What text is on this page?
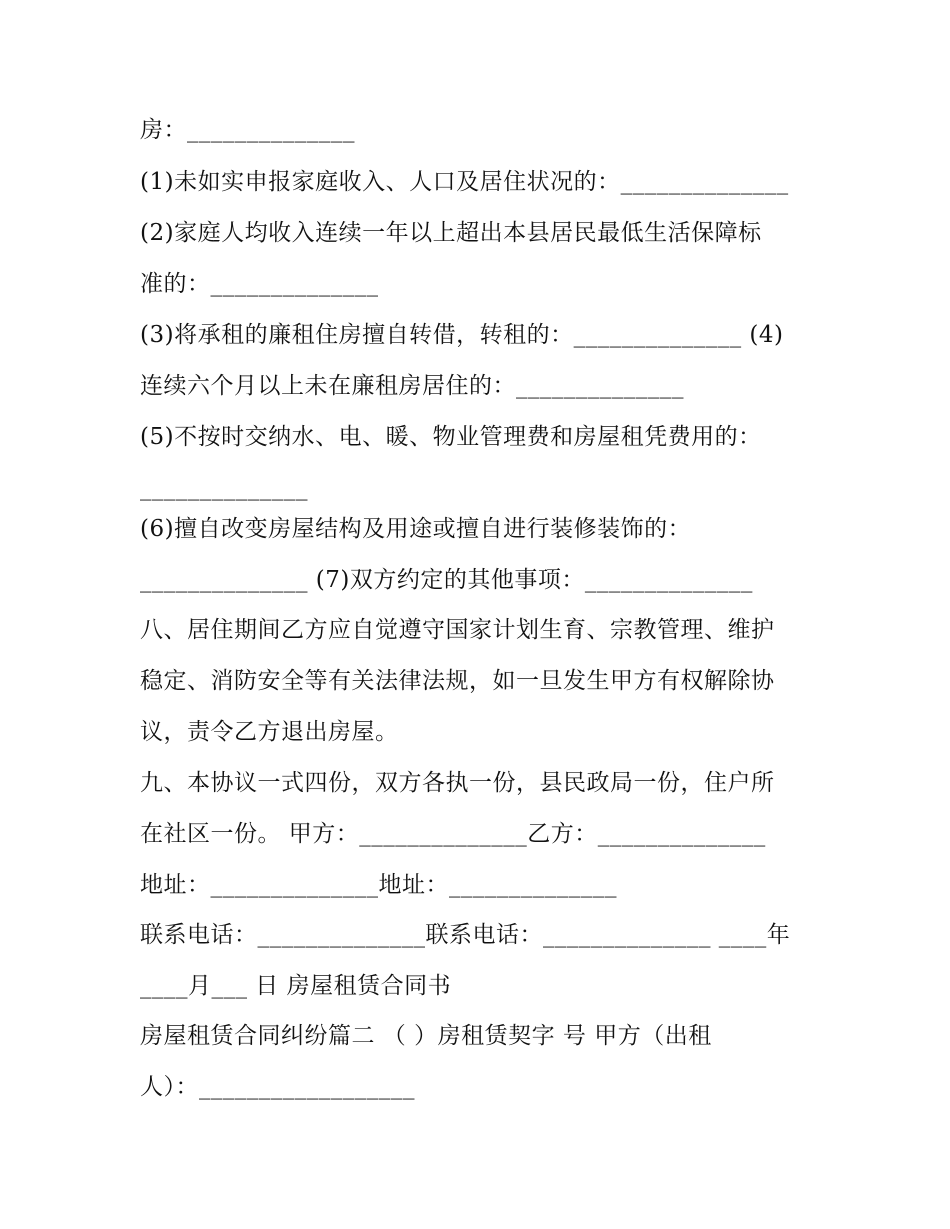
房：______________
(1)未如实申报家庭收入、人口及居住状况的：______________
(2)家庭人均收入连续一年以上超出本县居民最低生活保障标
准的：______________
(3)将承租的廉租住房擅自转借，转租的：______________ (4)
连续六个月以上未在廉租房居住的：______________
(5)不按时交纳水、电、暖、物业管理费和房屋租凭费用的：
______________
(6)擅自改变房屋结构及用途或擅自进行装修装饰的：
______________ (7)双方约定的其他事项：______________
八、居住期间乙方应自觉遵守国家计划生育、宗教管理、维护
稳定、消防安全等有关法律法规，如一旦发生甲方有权解除协
议，责令乙方退出房屋。
九、本协议一式四份，双方各执一份，县民政局一份，住户所
在社区一份。 甲方：______________乙方：______________
地址：______________地址：______________
联系电话：______________联系电话：______________ ____年
____月___ 日 房屋租赁合同书
房屋租赁合同纠纷篇二 （ ）房租赁契字 号 甲方（出租
人）：__________________
